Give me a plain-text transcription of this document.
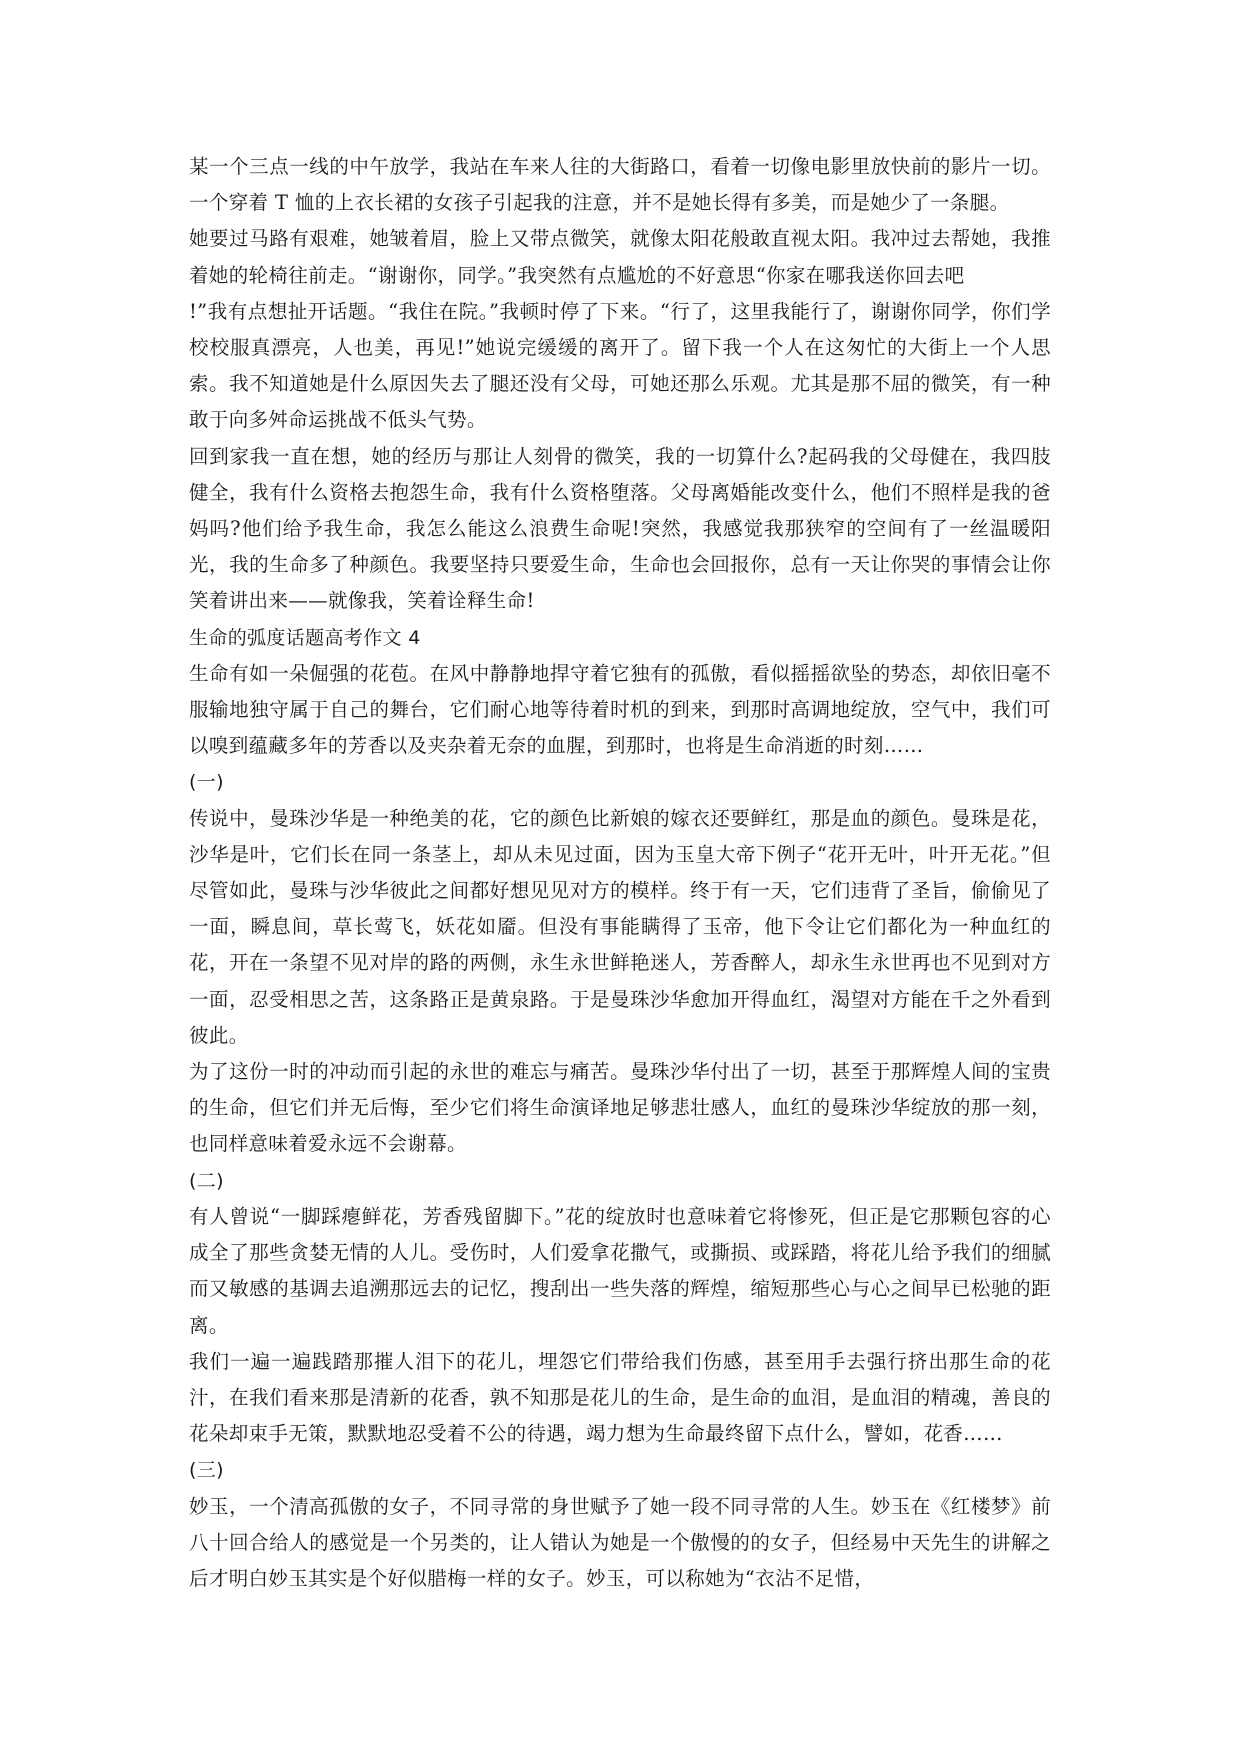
某一个三点一线的中午放学，我站在车来人往的大街路口，看着一切像电影里放快前的影片一切。一个穿着 T 恤的上衣长裙的女孩子引起我的注意，并不是她长得有多美，而是她少了一条腿。

她要过马路有艰难，她皱着眉，脸上又带点微笑，就像太阳花般敢直视太阳。我冲过去帮她，我推着她的轮椅往前走。“谢谢你，同学。”我突然有点尴尬的不好意思“你家在哪我送你回去吧

!”我有点想扯开话题。“我住在院。”我顿时停了下来。“行了，这里我能行了，谢谢你同学，你们学校校服真漂亮，人也美，再见!”她说完缓缓的离开了。留下我一个人在这匆忙的大街上一个人思索。我不知道她是什么原因失去了腿还没有父母，可她还那么乐观。尤其是那不屈的微笑，有一种敢于向多舛命运挑战不低头气势。

回到家我一直在想，她的经历与那让人刻骨的微笑，我的一切算什么?起码我的父母健在，我四肢健全，我有什么资格去抱怨生命，我有什么资格堕落。父母离婚能改变什么，他们不照样是我的爸妈吗?他们给予我生命，我怎么能这么浪费生命呢!突然，我感觉我那狭窄的空间有了一丝温暖阳光，我的生命多了种颜色。我要坚持只要爱生命，生命也会回报你，总有一天让你哭的事情会让你笑着讲出来——就像我，笑着诠释生命!

生命的弧度话题高考作文 4

生命有如一朵倔强的花苞。在风中静静地捍守着它独有的孤傲，看似摇摇欲坠的势态，却依旧毫不服输地独守属于自己的舞台，它们耐心地等待着时机的到来，到那时高调地绽放，空气中，我们可以嗅到蕴藏多年的芳香以及夹杂着无奈的血腥，到那时，也将是生命消逝的时刻……

(一)

传说中，曼珠沙华是一种绝美的花，它的颜色比新娘的嫁衣还要鲜红，那是血的颜色。曼珠是花，沙华是叶，它们长在同一条茎上，却从未见过面，因为玉皇大帝下例子“花开无叶，叶开无花。”但尽管如此，曼珠与沙华彼此之间都好想见见对方的模样。终于有一天，它们违背了圣旨，偷偷见了一面，瞬息间，草长莺飞，妖花如靥。但没有事能瞒得了玉帝，他下令让它们都化为一种血红的花，开在一条望不见对岸的路的两侧，永生永世鲜艳迷人，芳香醉人，却永生永世再也不见到对方一面，忍受相思之苦，这条路正是黄泉路。于是曼珠沙华愈加开得血红，渴望对方能在千之外看到彼此。

为了这份一时的冲动而引起的永世的难忘与痛苦。曼珠沙华付出了一切，甚至于那辉煌人间的宝贵的生命，但它们并无后悔，至少它们将生命演译地足够悲壮感人，血红的曼珠沙华绽放的那一刻，也同样意味着爱永远不会谢幕。

(二)

有人曾说“一脚踩瘪鲜花，芳香残留脚下。”花的绽放时也意味着它将惨死，但正是它那颗包容的心成全了那些贪婪无情的人儿。受伤时，人们爱拿花撒气，或撕损、或踩踏，将花儿给予我们的细腻而又敏感的基调去追溯那远去的记忆，搜刮出一些失落的辉煌，缩短那些心与心之间早已松驰的距离。

我们一遍一遍践踏那摧人泪下的花儿，埋怨它们带给我们伤感，甚至用手去强行挤出那生命的花汁，在我们看来那是清新的花香，孰不知那是花儿的生命，是生命的血泪，是血泪的精魂，善良的花朵却束手无策，默默地忍受着不公的待遇，竭力想为生命最终留下点什么，譬如，花香……

(三)

妙玉，一个清高孤傲的女子，不同寻常的身世赋予了她一段不同寻常的人生。妙玉在《红楼梦》前八十回合给人的感觉是一个另类的，让人错认为她是一个傲慢的的女子，但经易中天先生的讲解之后才明白妙玉其实是个好似腊梅一样的女子。妙玉，可以称她为“衣沾不足惜，
